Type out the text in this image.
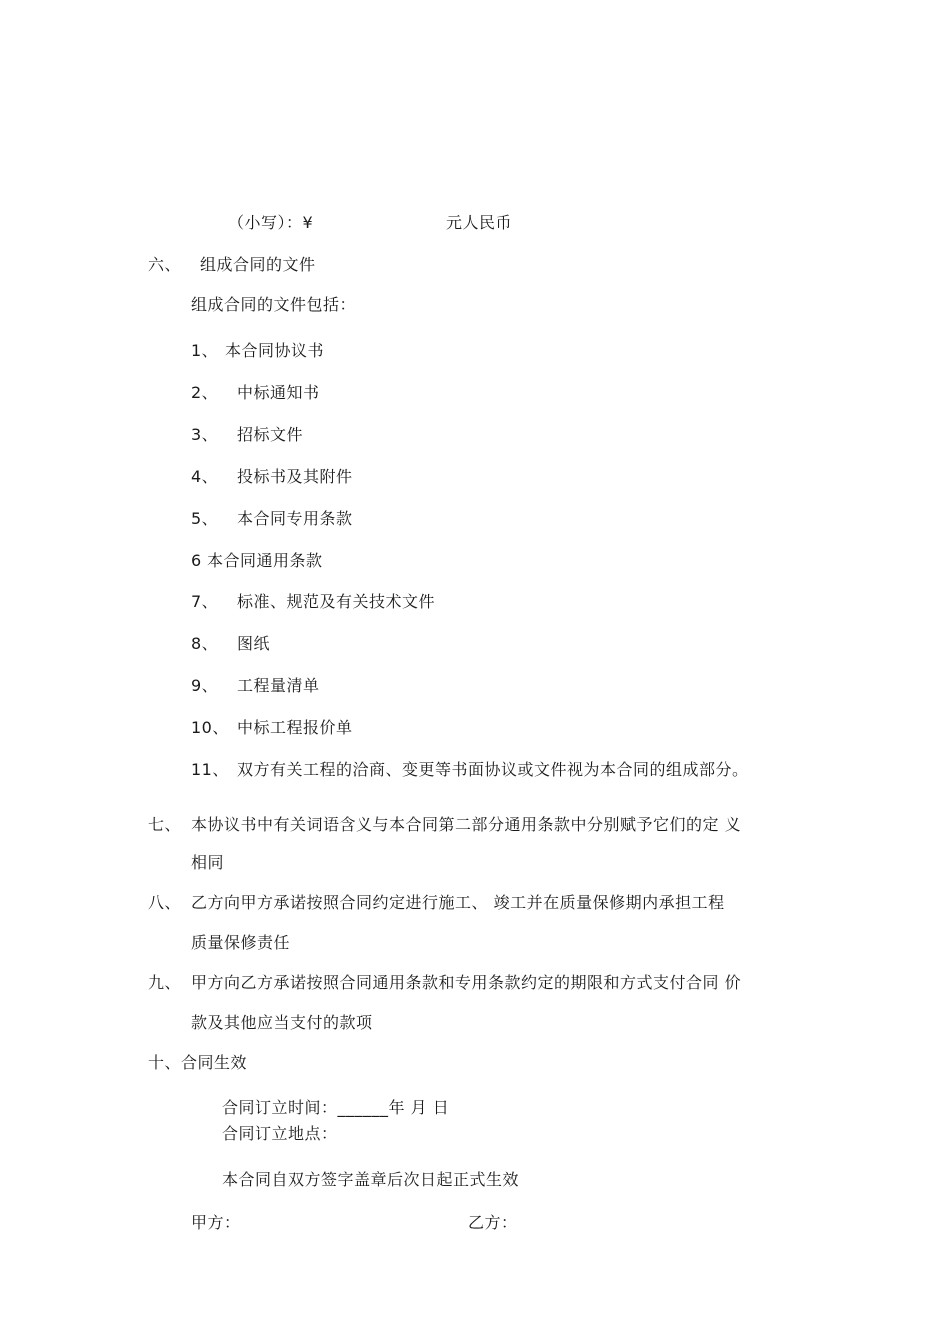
（小写）：¥	元人民币
六、 组成合同的文件
组成合同的文件包括：
1、 本合同协议书
2、 中标通知书
3、 招标文件
4、 投标书及其附件
5、 本合同专用条款
6 本合同通用条款
7、 标准、规范及有关技术文件
8、 图纸
9、 工程量清单
10、 中标工程报价单
11、 双方有关工程的洽商、变更等书面协议或文件视为本合同的组成部分。
七、 本协议书中有关词语含义与本合同第二部分通用条款中分别赋予它们的定 义
相同
八、 乙方向甲方承诺按照合同约定进行施工、 竣工并在质量保修期内承担工程
质量保修责任
九、 甲方向乙方承诺按照合同通用条款和专用条款约定的期限和方式支付合同 价
款及其他应当支付的款项
十、合同生效
合同订立时间：______年 月 日
合同订立地点：
本合同自双方签字盖章后次日起正式生效
甲方：	乙方：
